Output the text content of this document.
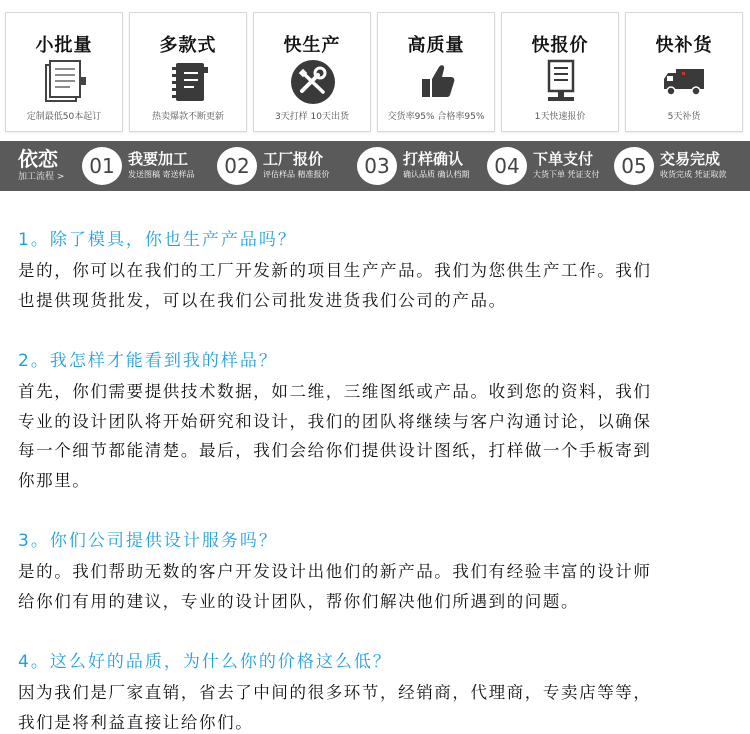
小批量
定制最低50本起订
多款式
热卖爆款不断更新
快生产
3天打样 10天出货
高质量
交货率95% 合格率95%
快报价
1天快速报价
快补货
5天补货
依恋
加工流程 >	01 我要加工
发送图稿 寄送样品	02 工厂报价
评估样品 精准报价	03 打样确认
确认品质 确认档期	04 下单支付
大货下单 凭证支付	05 交易完成
收货完成 凭证取款
1。除了模具，你也生产产品吗？
是的，你可以在我们的工厂开发新的项目生产产品。我们为您供生产工作。我们
也提供现货批发，可以在我们公司批发进货我们公司的产品。
2。我怎样才能看到我的样品？
首先，你们需要提供技术数据，如二维，三维图纸或产品。收到您的资料，我们
专业的设计团队将开始研究和设计，我们的团队将继续与客户沟通讨论，以确保
每一个细节都能清楚。最后，我们会给你们提供设计图纸，打样做一个手板寄到
你那里。
3。你们公司提供设计服务吗？
是的。我们帮助无数的客户开发设计出他们的新产品。我们有经验丰富的设计师
给你们有用的建议，专业的设计团队，帮你们解决他们所遇到的问题。
4。这么好的品质，为什么你的价格这么低？
因为我们是厂家直销，省去了中间的很多环节，经销商，代理商，专卖店等等，
我们是将利益直接让给你们。
